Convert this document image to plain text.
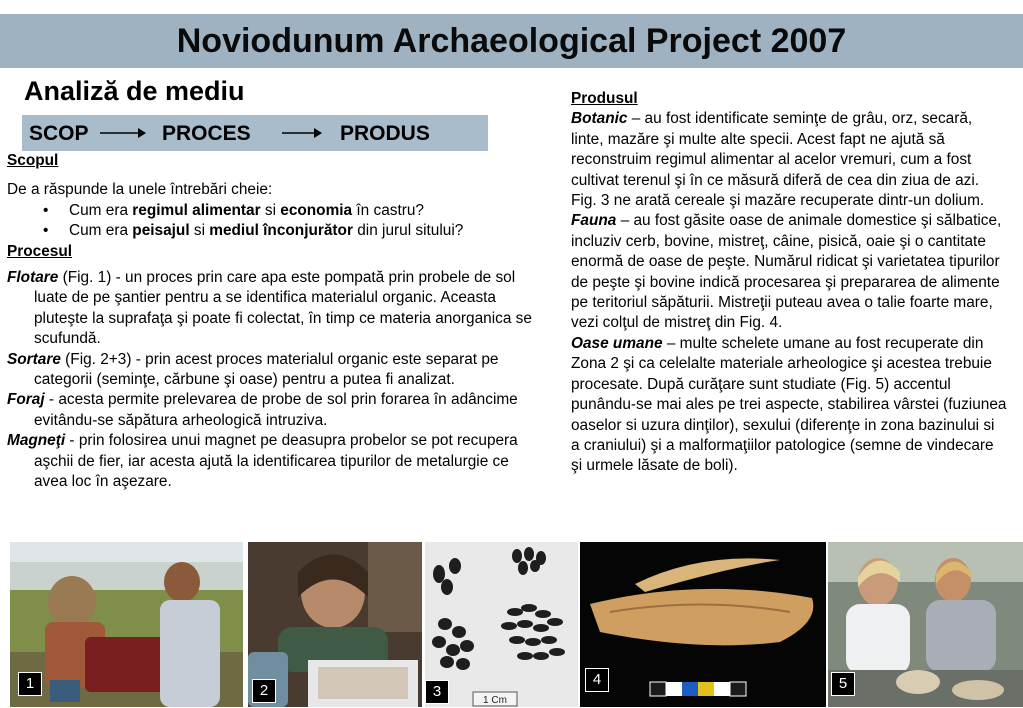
Noviodunum Archaeological Project 2007
Analiză de mediu
SCOP	PROCES	PRODUS

Scopul

De a răspunde la unele întrebări cheie:

• Cum era regimul alimentar si economia în castru?

• Cum era peisajul si mediul înconjurător din jurul sitului?

Procesul

Flotare (Fig. 1) - un proces prin care apa este pompată prin probele de sol luate de pe şantier pentru a se identifica materialul organic. Aceasta pluteşte la suprafaţa şi poate fi colectat, în timp ce materia anorganica se scufundă.

Sortare (Fig. 2+3) - prin acest proces materialul organic este separat pe categorii (seminţe, cărbune şi oase) pentru a putea fi analizat.

Foraj - acesta permite prelevarea de probe de sol prin forarea în adâncime evitându-se săpătura arheologică intruziva.

Magneţi - prin folosirea unui magnet pe deasupra probelor se pot recupera aşchii de fier, iar acesta ajută la identificarea tipurilor de metalurgie ce avea loc în aşezare.

Produsul

Botanic – au fost identificate seminţe de grâu, orz, secară, linte, mazăre şi multe alte specii. Acest fapt ne ajută să reconstruim regimul alimentar al acelor vremuri, cum a fost cultivat terenul şi în ce măsură diferă de cea din ziua de azi. Fig. 3 ne arată cereale şi mazăre recuperate dintr-un dolium.

Fauna – au fost găsite oase de animale domestice şi sălbatice, incluziv cerb, bovine, mistreţ, câine, pisică, oaie şi o cantitate enormă de oase de peşte. Numărul ridicat şi varietatea tipurilor de peşte şi bovine indică procesarea şi prepararea de alimente pe teritoriul săpăturii. Mistreţii puteau avea o talie foarte mare, vezi colţul de mistreţ din Fig. 4.

Oase umane – multe schelete umane au fost recuperate din Zona 2 şi ca celelalte materiale arheologice şi acestea trebuie procesate. După curăţare sunt studiate (Fig. 5) accentul punându-se mai ales pe trei aspecte, stabilirea vârstei (fuziunea oaselor si uzura dinţilor), sexului (diferenţe in zona bazinului si a craniului) şi a malformaţiilor patologice (semne de vindecare şi urmele lăsate de boli).

1	2
1 Cm
3
4	5
